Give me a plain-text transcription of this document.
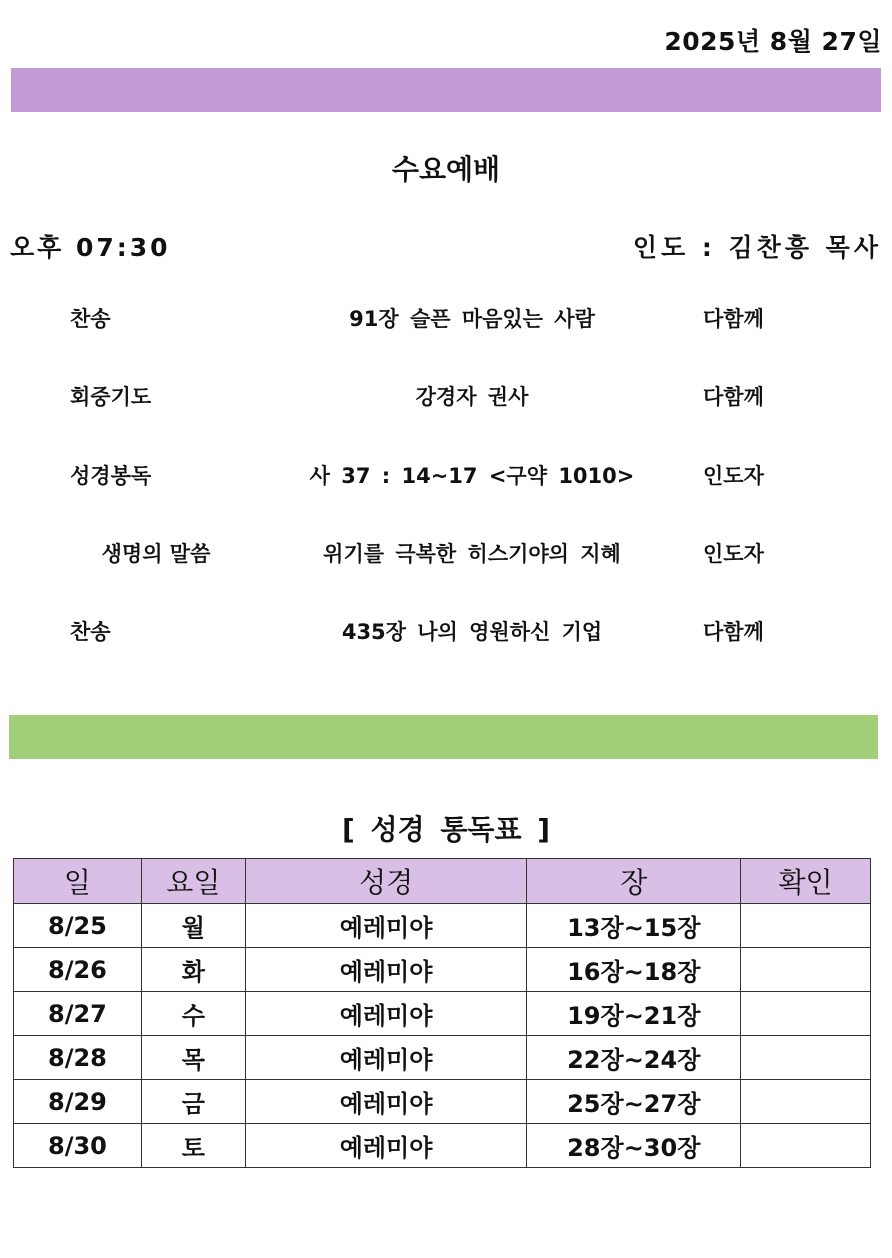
2025년 8월 27일
수요예배
오후 07:30	인도 : 김찬흥 목사
찬송	91장 슬픈 마음있는 사람	다함께
회중기도	강경자 권사	다함께
성경봉독	사 37 : 14~17 <구약 1010>	인도자
생명의 말씀	위기를 극복한 히스기야의 지혜	인도자
찬송	435장 나의 영원하신 기업	다함께
[ 성경 통독표 ]
일	요일	성경	장	확인
8/25	월	예레미야	13장~15장	
8/26	화	예레미야	16장~18장	
8/27	수	예레미야	19장~21장	
8/28	목	예레미야	22장~24장	
8/29	금	예레미야	25장~27장	
8/30	토	예레미야	28장~30장	
